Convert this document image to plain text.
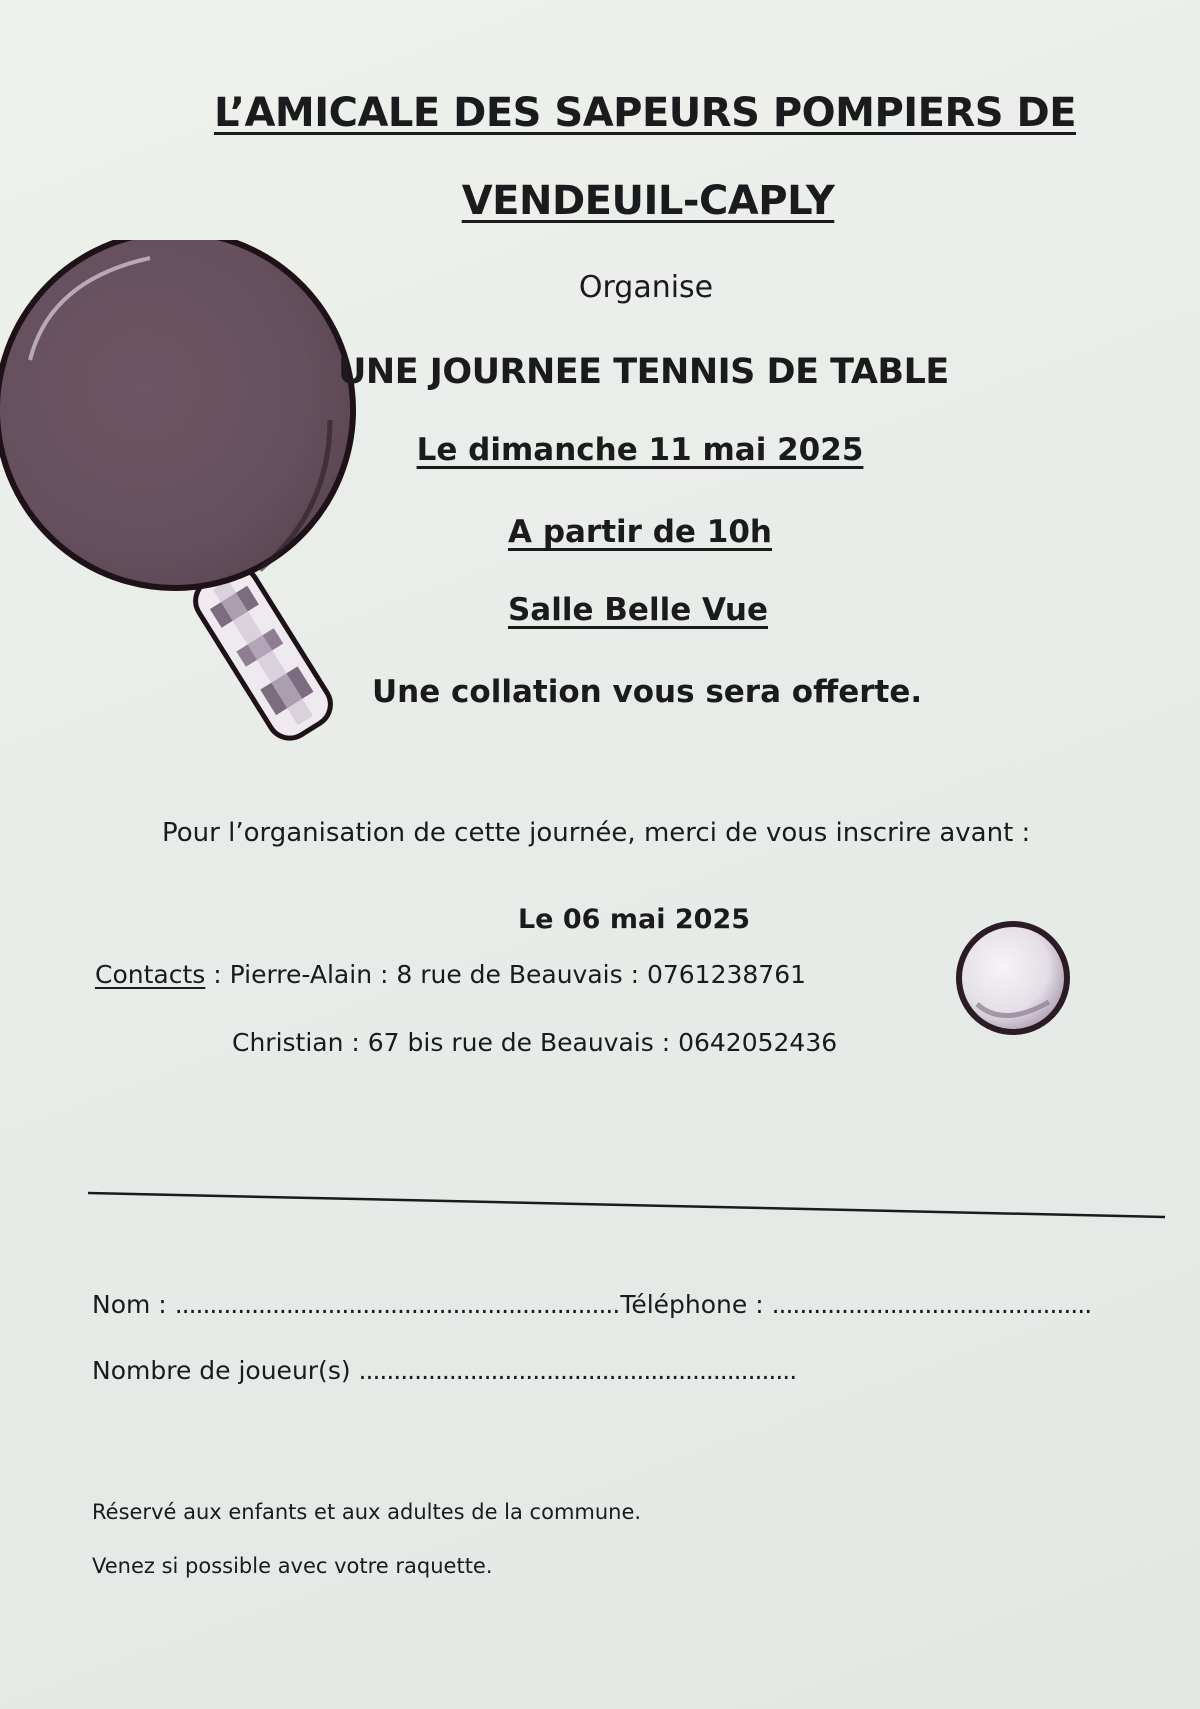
L’AMICALE DES SAPEURS POMPIERS DE

VENDEUIL-CAPLY

Organise

UNE JOURNEE TENNIS DE TABLE

Le dimanche 11 mai 2025

A partir de 10h

Salle Belle Vue

Une collation vous sera offerte.

Pour l’organisation de cette journée, merci de vous inscrire avant :

Le 06 mai 2025

Contacts : Pierre-Alain : 8 rue de Beauvais : 0761238761

Christian : 67 bis rue de Beauvais : 0642052436

Nom : ................................................................Téléphone : ..............................................

Nombre de joueur(s) ...............................................................

Réservé aux enfants et aux adultes de la commune.

Venez si possible avec votre raquette.
